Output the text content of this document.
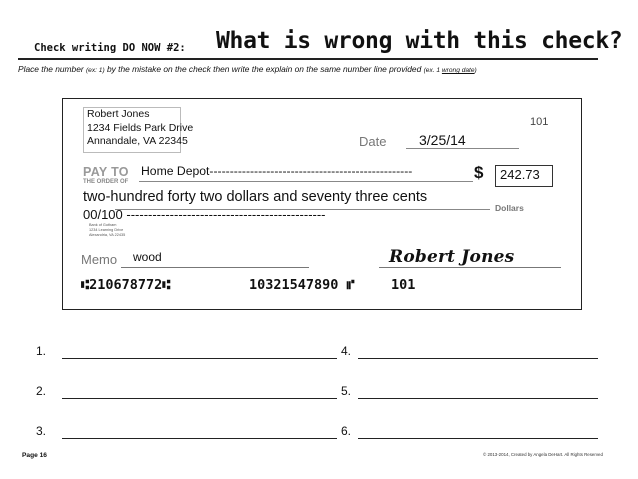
Check writing DO NOW #2: What is wrong with this check?
Place the number (ex: 1) by the mistake on the check then write the explain on the same number line provided (ex. 1 wrong date)
Robert Jones
1234 Fields Park Drive
Annandale, VA 22345
101
Date 3/25/14
PAY TO
THE ORDER OF
Home Depot--------------------------------------------------	$ 242.73
two-hundred forty two dollars and seventy three cents
Dollars
00/100 ----------------------------------------------
Bank of Gotham
1234 Learning Drive
Alexandria, VA 22435
Memo wood	Robert Jones
⑆210678772⑆	10321547890 ⑈	101
1.	4.
2.	5.
3.	6.
Page 16	© 2013-2014, Created by Angela DeHart. All Rights Reserved
